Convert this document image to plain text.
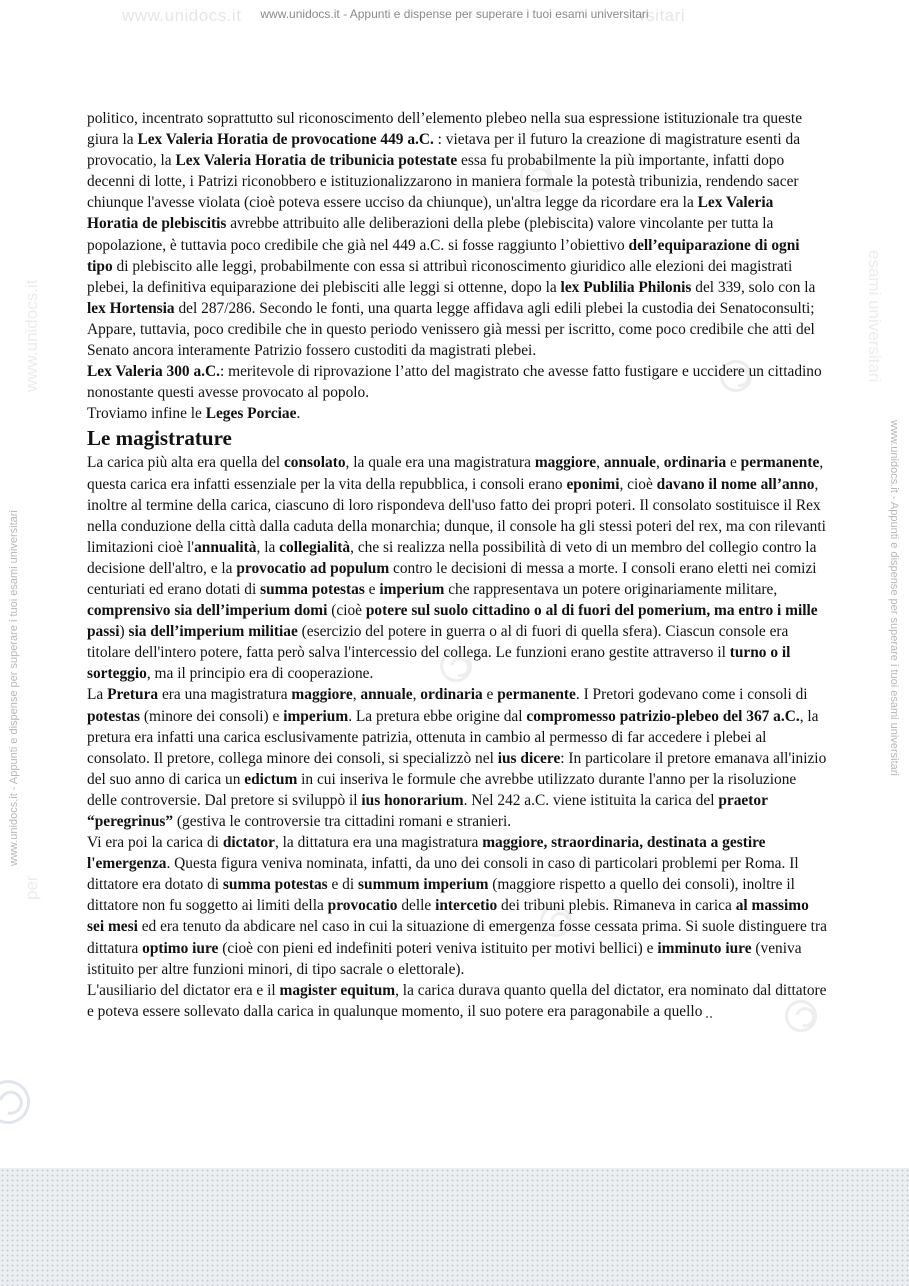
www.unidocs.it	rsitari
www.unidocs.it - Appunti e dispense per superare i tuoi esami universitari
www.unidocs.it
per
esami universitari
www.unidocs.it - Appunti e dispense per superare i tuoi esami universitari	www.unidocs.it - Appunti e dispense per superare i tuoi esami universitari

politico, incentrato soprattutto sul riconoscimento dell’elemento plebeo nella sua espressione istituzionale tra queste giura la Lex Valeria Horatia de provocatione 449 a.C. : vietava per il futuro la creazione di magistrature esenti da provocatio, la Lex Valeria Horatia de tribunicia potestate essa fu probabilmente la più importante, infatti dopo decenni di lotte, i Patrizi riconobbero e istituzionalizzarono in maniera formale la potestà tribunizia, rendendo sacer chiunque l'avesse violata (cioè poteva essere ucciso da chiunque), un'altra legge da ricordare era la Lex Valeria Horatia de plebiscitis avrebbe attribuito alle deliberazioni della plebe (plebiscita) valore vincolante per tutta la popolazione, è tuttavia poco credibile che già nel 449 a.C. si fosse raggiunto l’obiettivo dell’equiparazione di ogni tipo di plebiscito alle leggi, probabilmente con essa si attribuì riconoscimento giuridico alle elezioni dei magistrati plebei, la definitiva equiparazione dei plebisciti alle leggi si ottenne, dopo la lex Publilia Philonis del 339, solo con la lex Hortensia del 287/286. Secondo le fonti, una quarta legge affidava agli edili plebei la custodia dei Senatoconsulti; Appare, tuttavia, poco credibile che in questo periodo venissero già messi per iscritto, come poco credibile che atti del Senato ancora interamente Patrizio fossero custoditi da magistrati plebei.

Lex Valeria 300 a.C.: meritevole di riprovazione l’atto del magistrato che avesse fatto fustigare e uccidere un cittadino nonostante questi avesse provocato al popolo.

Troviamo infine le Leges Porciae.

Le magistrature

La carica più alta era quella del consolato, la quale era una magistratura maggiore, annuale, ordinaria e permanente, questa carica era infatti essenziale per la vita della repubblica, i consoli erano eponimi, cioè davano il nome all’anno, inoltre al termine della carica, ciascuno di loro rispondeva dell'uso fatto dei propri poteri. Il consolato sostituisce il Rex nella conduzione della città dalla caduta della monarchia; dunque, il console ha gli stessi poteri del rex, ma con rilevanti limitazioni cioè l'annualità, la collegialità, che si realizza nella possibilità di veto di un membro del collegio contro la decisione dell'altro, e la provocatio ad populum contro le decisioni di messa a morte. I consoli erano eletti nei comizi centuriati ed erano dotati di summa potestas e imperium che rappresentava un potere originariamente militare, comprensivo sia dell’imperium domi (cioè potere sul suolo cittadino o al di fuori del pomerium, ma entro i mille passi) sia dell’imperium militiae (esercizio del potere in guerra o al di fuori di quella sfera). Ciascun console era titolare dell'intero potere, fatta però salva l'intercessio del collega. Le funzioni erano gestite attraverso il turno o il sorteggio, ma il principio era di cooperazione.

La Pretura era una magistratura maggiore, annuale, ordinaria e permanente. I Pretori godevano come i consoli di potestas (minore dei consoli) e imperium. La pretura ebbe origine dal compromesso patrizio-plebeo del 367 a.C., la pretura era infatti una carica esclusivamente patrizia, ottenuta in cambio al permesso di far accedere i plebei al consolato. Il pretore, collega minore dei consoli, si specializzò nel ius dicere: In particolare il pretore emanava all'inizio del suo anno di carica un edictum in cui inseriva le formule che avrebbe utilizzato durante l'anno per la risoluzione delle controversie. Dal pretore si sviluppò il ius honorarium. Nel 242 a.C. viene istituita la carica del praetor “peregrinus” (gestiva le controversie tra cittadini romani e stranieri.

Vi era poi la carica di dictator, la dittatura era una magistratura maggiore, straordinaria, destinata a gestire l'emergenza. Questa figura veniva nominata, infatti, da uno dei consoli in caso di particolari problemi per Roma. Il dittatore era dotato di summa potestas e di summum imperium (maggiore rispetto a quello dei consoli), inoltre il dittatore non fu soggetto ai limiti della provocatio delle intercetio dei tribuni plebis. Rimaneva in carica al massimo sei mesi ed era tenuto da abdicare nel caso in cui la situazione di emergenza fosse cessata prima. Si suole distinguere tra dittatura optimo iure (cioè con pieni ed indefiniti poteri veniva istituito per motivi bellici) e imminuto iure (veniva istituito per altre funzioni minori, di tipo sacrale o elettorale).

L'ausiliario del dictator era e il magister equitum, la carica durava quanto quella del dictator, era nominato dal dittatore e poteva essere sollevato dalla carica in qualunque momento, il suo potere era paragonabile a quello
